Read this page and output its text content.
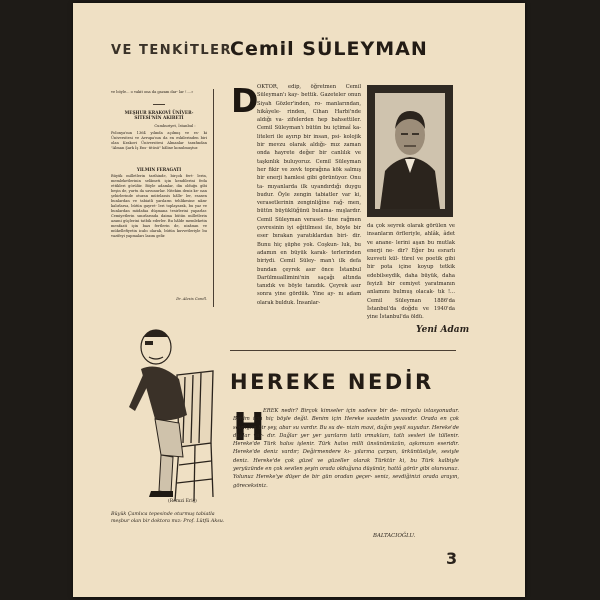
VE TENKİTLER
Cemil SÜLEYMAN
ve böyle... o vakit ona da gazam dar- lar !....»
MEŞHUR KRAKOVİ ÜNİVER- SİTESİ'NİN AKIBETİ
Cumhuriyet, İstanbul :
Polonya'nın 1364 yılında açılmış ve es- ki Üniversitesi ve Avrupa'nın da en eskilerinden biri olan Krakovi Üniversitesi Almanlar tarafından "Alman Şark İş Ens- titüsü" hâline konulmuştur.
YILMIN FERAGATI
Büyük milletlerin tarihinde, birçok fert- lerin, memleketlerinin selâmeti için kendilerini feda ettikleri görülür. Böyle adamlar, din olduğu gibi beşin de, yurtu da savunurlar. Nitekim deniz ke- nan şehirlerinde oturan mütelassis hâlle- ler, esasen bunlardan ve tabiatli yarıların tehlikesine nâzır kalırlarsa, bütün gayret- leri toplayarak, bu yaz ve bunlardan müdafaa düşmana tesirlerini yaparlar. Cemiyetlerin sınırlarında daima bütün milletlerin azami güçlerini tatbik ederler. Bu hâlde memleketin menfaati için bazı fertlerin de, nizâmın ve mükellefiyetin icabı olarak, bütün kuvvetleriyle bu vazifeyi yapmaları lazım gelir.
Dr. Alexis Carell.
D
OKTOR, edip, öğretmen Cemil Süleyman'ı kay- bettik. Gazeteler onun Siyah Gözler'inden, ro- manlarından, hikâyele- rinden, Cihan Harbi'nde aldığı va- zifelerden hep bahsettiler. Cemil Süleyman'ı bütün bu içtimaî ka- liteleri ile ayırıp bir insan, psi- kolojik bir mevzu olarak aldığı- mız zaman onda hayrete değer bir canlılık ve taşkınlık buluyoruz. Cemil Süleyman her fikir ve zevk toprağına kök salmış bir enerji hamlesi gibi görünüyor. Onu ta- mıyanlarda ilk uyandırdığı duygu budur. Öyle zengin tabiatler var ki, verasetlerinin zenginliğine rağ- men, bütün büyüklüğünü bulama- mışlardır. Cemil Süleyman veraset- tine rağmen çevresinin iyi eğitilmesi ile, böyle bir eser bırakan yaratıklardan biri- dir. Bunu hiç şüphe yok. Coşkun- luk, bu adamın en büyük karak- terlerinden biriydi. Cemil Süley- man'ı ilk defa bundan çeyrek asır önce İstanbul Darülmuallimini'nin saçağı altında tanıdık ve böyle tanıdık. Çeyrek asır sonra yine gördük. Yine ay- nı adam olarak bulduk. İnsanlar-
da çok seyrek olarak görülen ve insanların örfleriyle, ahlâk, âdet ve anane- lerini aşan bu mutlak enerji ne- dir? Eğer bu esrarlı kuvveti kül- türel ve poetik gibi bir pota içine koyup tetkik edebilseydik, daha büyük, daha feyizli bir cemiyet yaratmanın anlamını bulmuş olacak- tık !... Cemil Süleyman 1886'da İstanbul'da doğdu ve 1940'da yine İstanbul'da öldü.
Yeni Adam
(Remzi Eriş)
Büyük Çamlıca tepesinde oturmuş tabiatla meşbur olan bir doktora mız: Prof. Lütfü Aksu.
HEREKE NEDİR
H
EREK nedir? Birçok kimseler için sadece bir de- miryolu istasyonudur. Benim için hiç böyle değil. Benim için Hereke saadetin yuvasıdır. Orada en çok sevdiğim bir şey, abar su vardır. Bu su de- nizin mavi, dağın yeşil suyudur. Hereke'de dağlar var- dır. Dağlar yer yer yarıların tatlı ırmakları, tatlı sesleri ile tüllenir. Hereke'de Türk halısı işlenir. Türk halısı milli ünsünümüzün, aşkımızın eseridir. Hereke'de deniz vardır; Değirmendere kı- yılarına çarpan, ürküntüsüyle, sesiyle deniz. Hereke'de çok güzel ve güzeller olarak Türktür ki, bu Türk kalbiyle yeryüzünde en çok sevilen şeyin orada olduğuna düşünür, hattâ görür gibi olursunuz. Yolunuz Hereke'ye düşer de bir gün oradan geçer- seniz, sevdiğinizi orada arayın, göreceksiniz.
BALTACIOĞLU.
3
